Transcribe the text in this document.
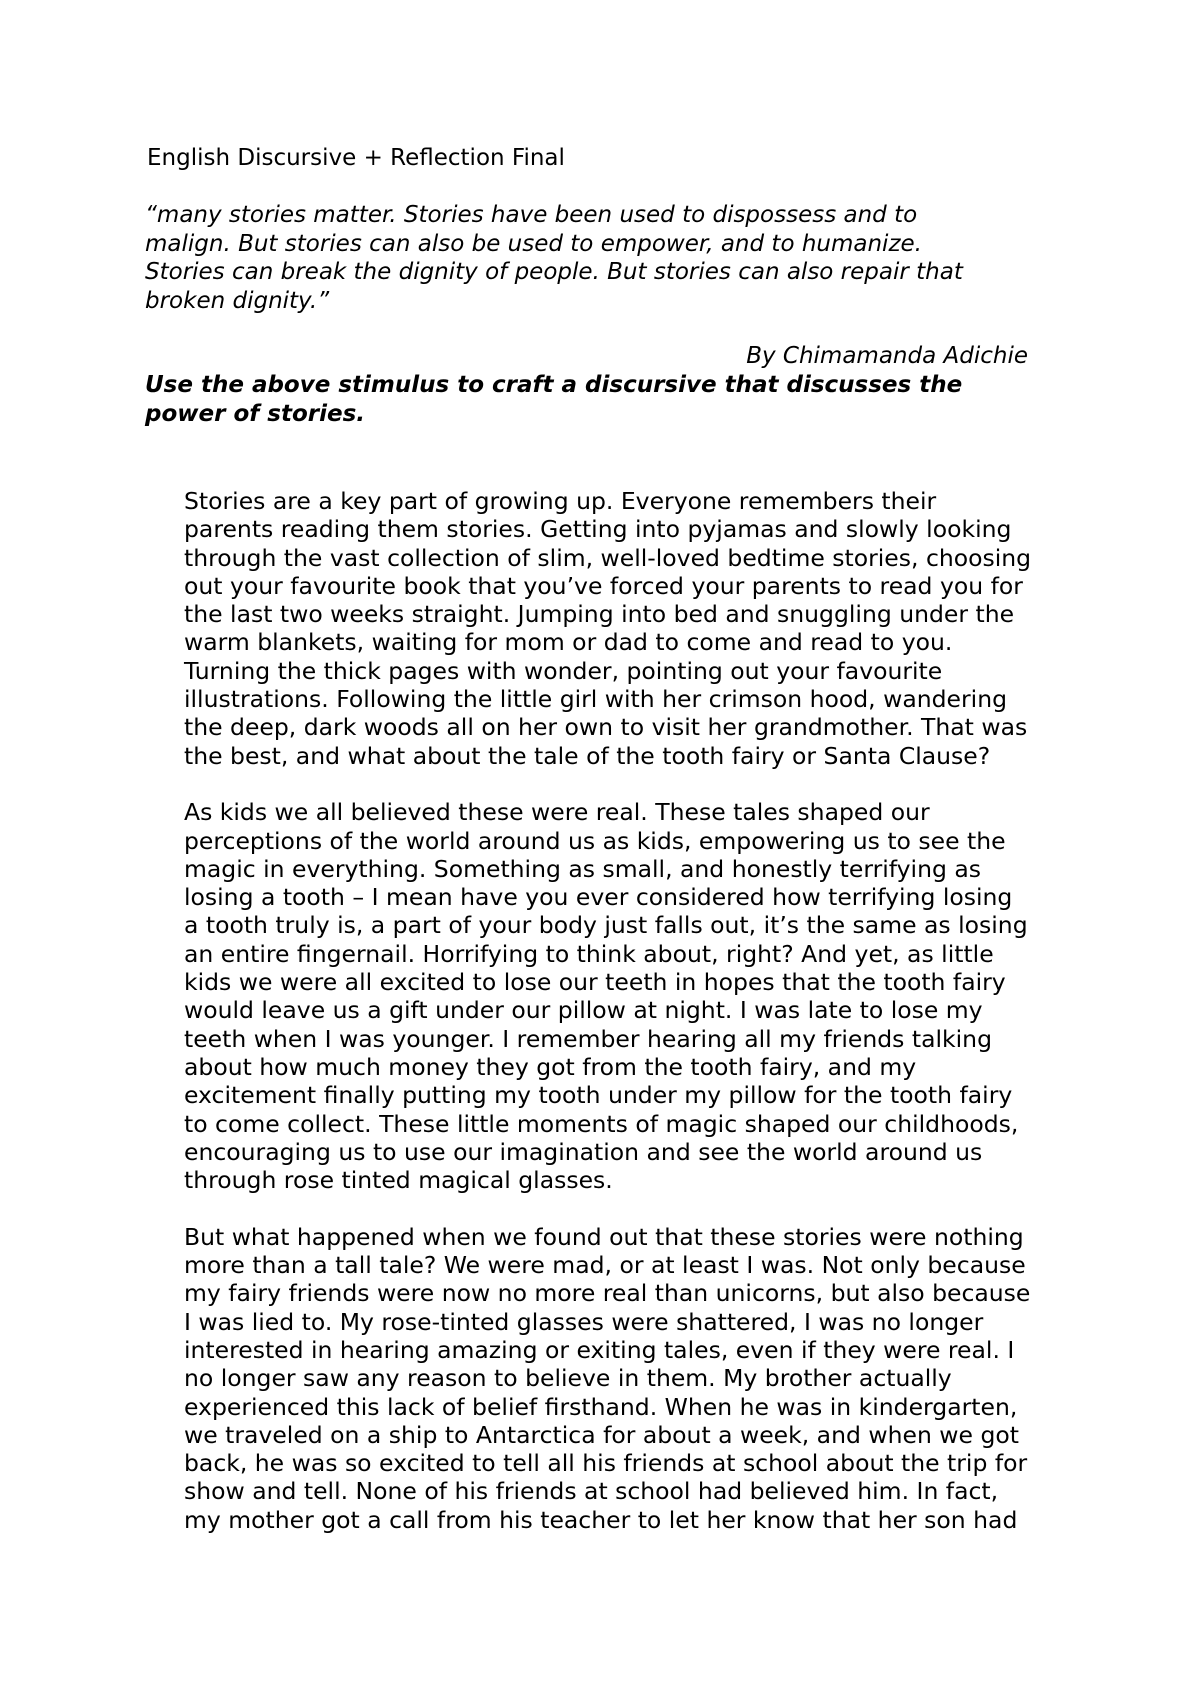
English Discursive + Reflection Final

“many stories matter. Stories have been used to dispossess and to

malign. But stories can also be used to empower, and to humanize.

Stories can break the dignity of people. But stories can also repair that

broken dignity.”

By Chimamanda Adichie

Use the above stimulus to craft a discursive that discusses the

power of stories.

Stories are a key part of growing up. Everyone remembers their
parents reading them stories. Getting into pyjamas and slowly looking
through the vast collection of slim, well-loved bedtime stories, choosing
out your favourite book that you’ve forced your parents to read you for
the last two weeks straight. Jumping into bed and snuggling under the
warm blankets, waiting for mom or dad to come and read to you.
Turning the thick pages with wonder, pointing out your favourite
illustrations. Following the little girl with her crimson hood, wandering
the deep, dark woods all on her own to visit her grandmother. That was
the best, and what about the tale of the tooth fairy or Santa Clause?
As kids we all believed these were real. These tales shaped our
perceptions of the world around us as kids, empowering us to see the
magic in everything. Something as small, and honestly terrifying as
losing a tooth – I mean have you ever considered how terrifying losing
a tooth truly is, a part of your body just falls out, it’s the same as losing
an entire fingernail. Horrifying to think about, right? And yet, as little
kids we were all excited to lose our teeth in hopes that the tooth fairy
would leave us a gift under our pillow at night. I was late to lose my
teeth when I was younger. I remember hearing all my friends talking
about how much money they got from the tooth fairy, and my
excitement finally putting my tooth under my pillow for the tooth fairy
to come collect. These little moments of magic shaped our childhoods,
encouraging us to use our imagination and see the world around us
through rose tinted magical glasses.
But what happened when we found out that these stories were nothing
more than a tall tale? We were mad, or at least I was. Not only because
my fairy friends were now no more real than unicorns, but also because
I was lied to. My rose-tinted glasses were shattered, I was no longer
interested in hearing amazing or exiting tales, even if they were real. I
no longer saw any reason to believe in them. My brother actually
experienced this lack of belief firsthand. When he was in kindergarten,
we traveled on a ship to Antarctica for about a week, and when we got
back, he was so excited to tell all his friends at school about the trip for
show and tell. None of his friends at school had believed him. In fact,
my mother got a call from his teacher to let her know that her son had
